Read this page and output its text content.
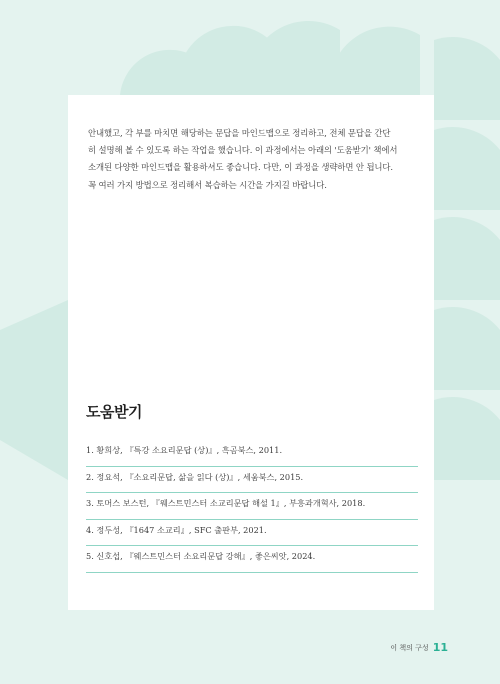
안내했고, 각 부를 마치면 해당하는 문답을 마인드맵으로 정리하고, 전체 문답을 간단

히 설명해 볼 수 있도록 하는 작업을 했습니다. 이 과정에서는 아래의 '도움받기' 책에서

소개된 다양한 마인드맵을 활용하셔도 좋습니다. 다만, 이 과정을 생략하면 안 됩니다.

꼭 여러 가지 방법으로 정리해서 복습하는 시간을 가지길 바랍니다.

도움받기
1. 황희상, 『특강 소요리문답 (상)』, 흑곰북스, 2011.
2. 정요석, 『소요리문답, 삶을 읽다 (상)』, 세움북스, 2015.
3. 토머스 보스턴, 『웨스트민스터 소교리문답 해설 1』, 부흥과개혁사, 2018.
4. 정두성, 『1647 소교리』, SFC 출판부, 2021.
5. 신호섭, 『웨스트민스터 소요리문답 강해』, 좋은씨앗, 2024.
이 책의 구성 11
